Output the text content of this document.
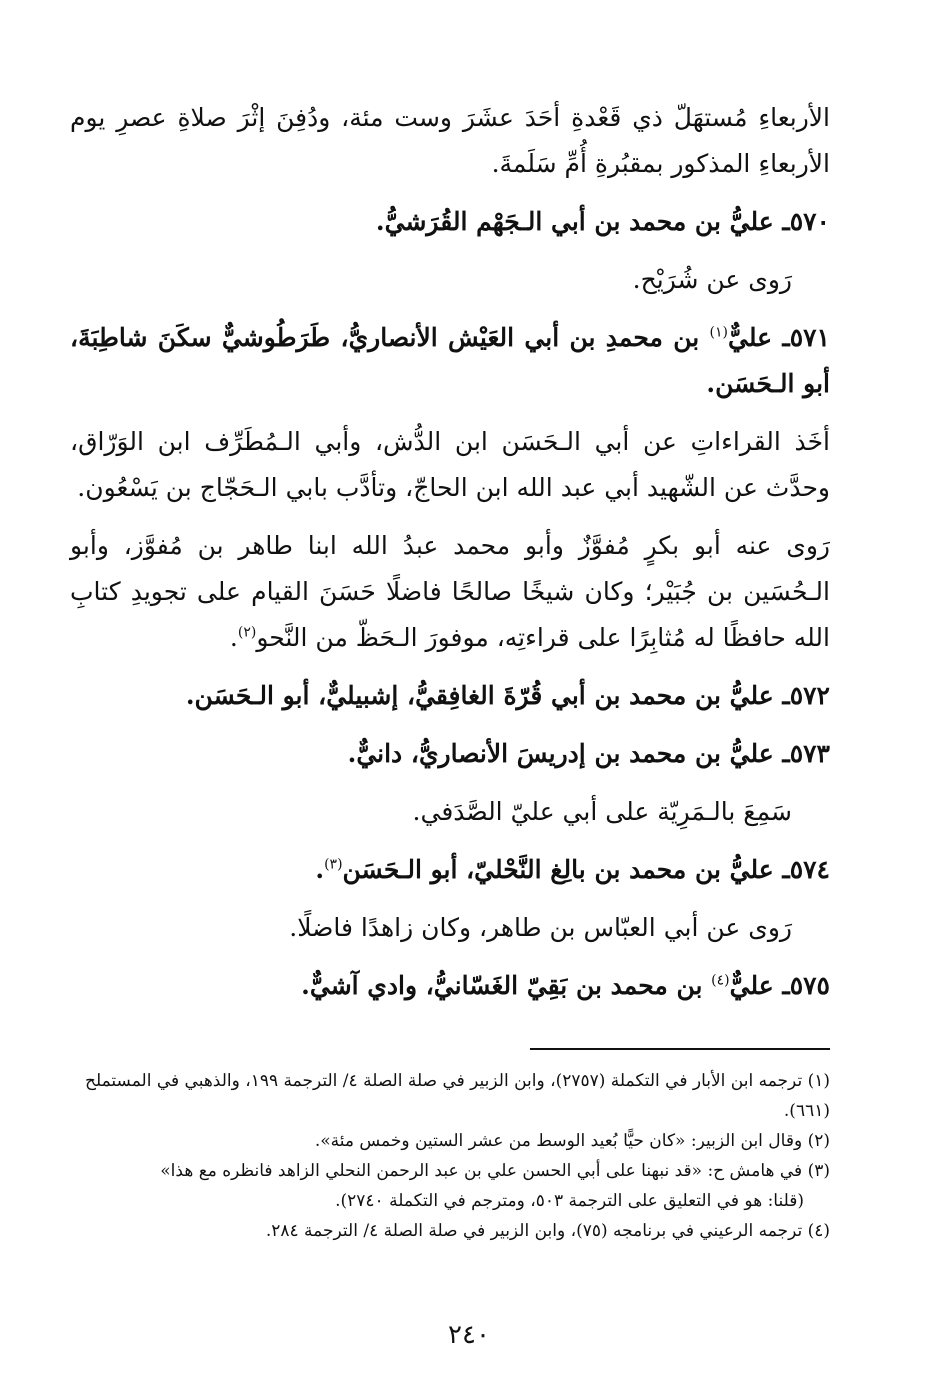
الأربعاءِ مُستهَلّ ذي قَعْدةِ أحَدَ عشَرَ وست مئة، ودُفِنَ إثْرَ صلاةِ عصرِ يوم الأربعاءِ المذكور بمقبُرةِ أُمِّ سَلَمةَ.

٥٧٠ـ عليُّ بن محمد بن أبي الـجَهْم القُرَشيُّ.

رَوى عن شُرَيْح.

٥٧١ـ عليٌّ$^{(١)}$ بن محمدِ بن أبي العَيْش الأنصاريُّ، طَرَطُوشيٌّ سكَنَ شاطِبَةَ، أبو الـحَسَن.

أخَذ القراءاتِ عن أبي الـحَسَن ابن الدُّش، وأبي الـمُطَرِّف ابن الوَرّاق، وحدَّث عن الشّهيد أبي عبد الله ابن الحاجّ، وتأدَّب بابي الـحَجّاج بن يَسْعُون.

رَوى عنه أبو بكرٍ مُفوَّزٌ وأبو محمد عبدُ الله ابنا طاهر بن مُفوَّز، وأبو الـحُسَين بن جُبَيْر؛ وكان شيخًا صالحًا فاضلًا حَسَنَ القيام على تجويدِ كتابِ الله حافظًا له مُثابِرًا على قراءتِه، موفورَ الـحَظّ من النَّحو$^{(٢)}$.

٥٧٢ـ عليُّ بن محمد بن أبي قُرّةَ الغافِقيُّ، إشبيليٌّ، أبو الـحَسَن.

٥٧٣ـ عليُّ بن محمد بن إدريسَ الأنصاريُّ، دانيٌّ.

سَمِعَ بالـمَرِيّة على أبي عليّ الصَّدَفي.

٥٧٤ـ عليُّ بن محمد بن بالِغ النَّحْليّ، أبو الـحَسَن$^{(٣)}$.

رَوى عن أبي العبّاس بن طاهر، وكان زاهدًا فاضلًا.

٥٧٥ـ عليٌّ$^{(٤)}$ بن محمد بن بَقِيّ الغَسّانيُّ، وادي آشيٌّ.

(١) ترجمه ابن الأبار في التكملة (٢٧٥٧)، وابن الزبير في صلة الصلة ٤/ الترجمة ١٩٩، والذهبي في المستملح (٦٦١).

(٢) وقال ابن الزبير: «كان حيًّا بُعيد الوسط من عشر الستين وخمس مئة».

(٣) في هامش ح: «قد نبهنا على أبي الحسن علي بن عبد الرحمن النحلي الزاهد فانظره مع هذا»

(قلنا: هو في التعليق على الترجمة ٥٠٣، ومترجم في التكملة ٢٧٤٠).

(٤) ترجمه الرعيني في برنامجه (٧٥)، وابن الزبير في صلة الصلة ٤/ الترجمة ٢٨٤.

٢٤٠
